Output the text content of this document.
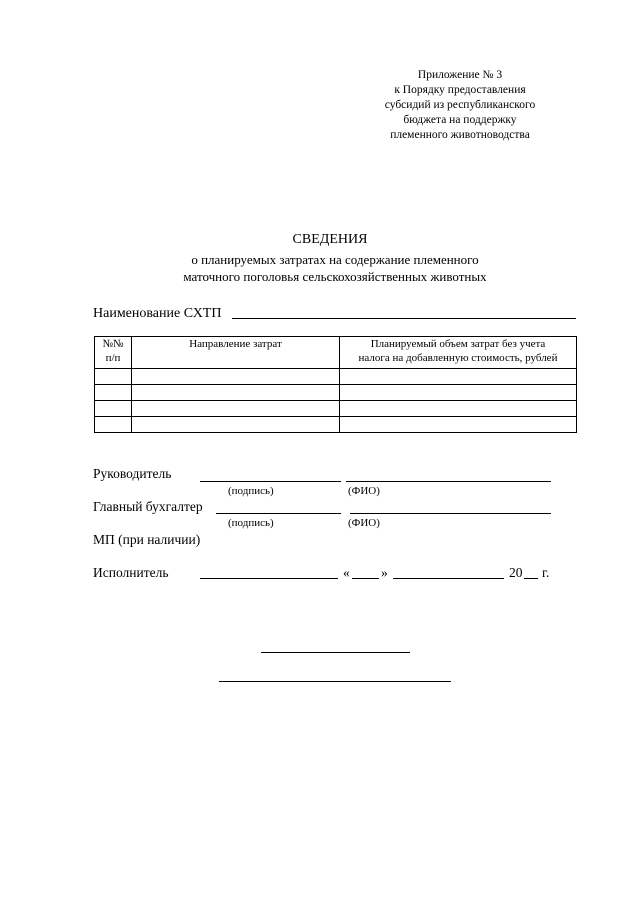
Приложение № 3
к Порядку предоставления
субсидий из республиканского
бюджета на поддержку
племенного животноводства
СВЕДЕНИЯ
о планируемых затратах на содержание племенного
маточного поголовья сельскохозяйственных животных
Наименование СХТП
№№
п/п	Направление затрат	Планируемый объем затрат без учета
налога на добавленную стоимость, рублей

Руководитель
(подпись)	(ФИО)
Главный бухгалтер
(подпись)	(ФИО)
МП (при наличии)
Исполнитель	« »	20 г.
